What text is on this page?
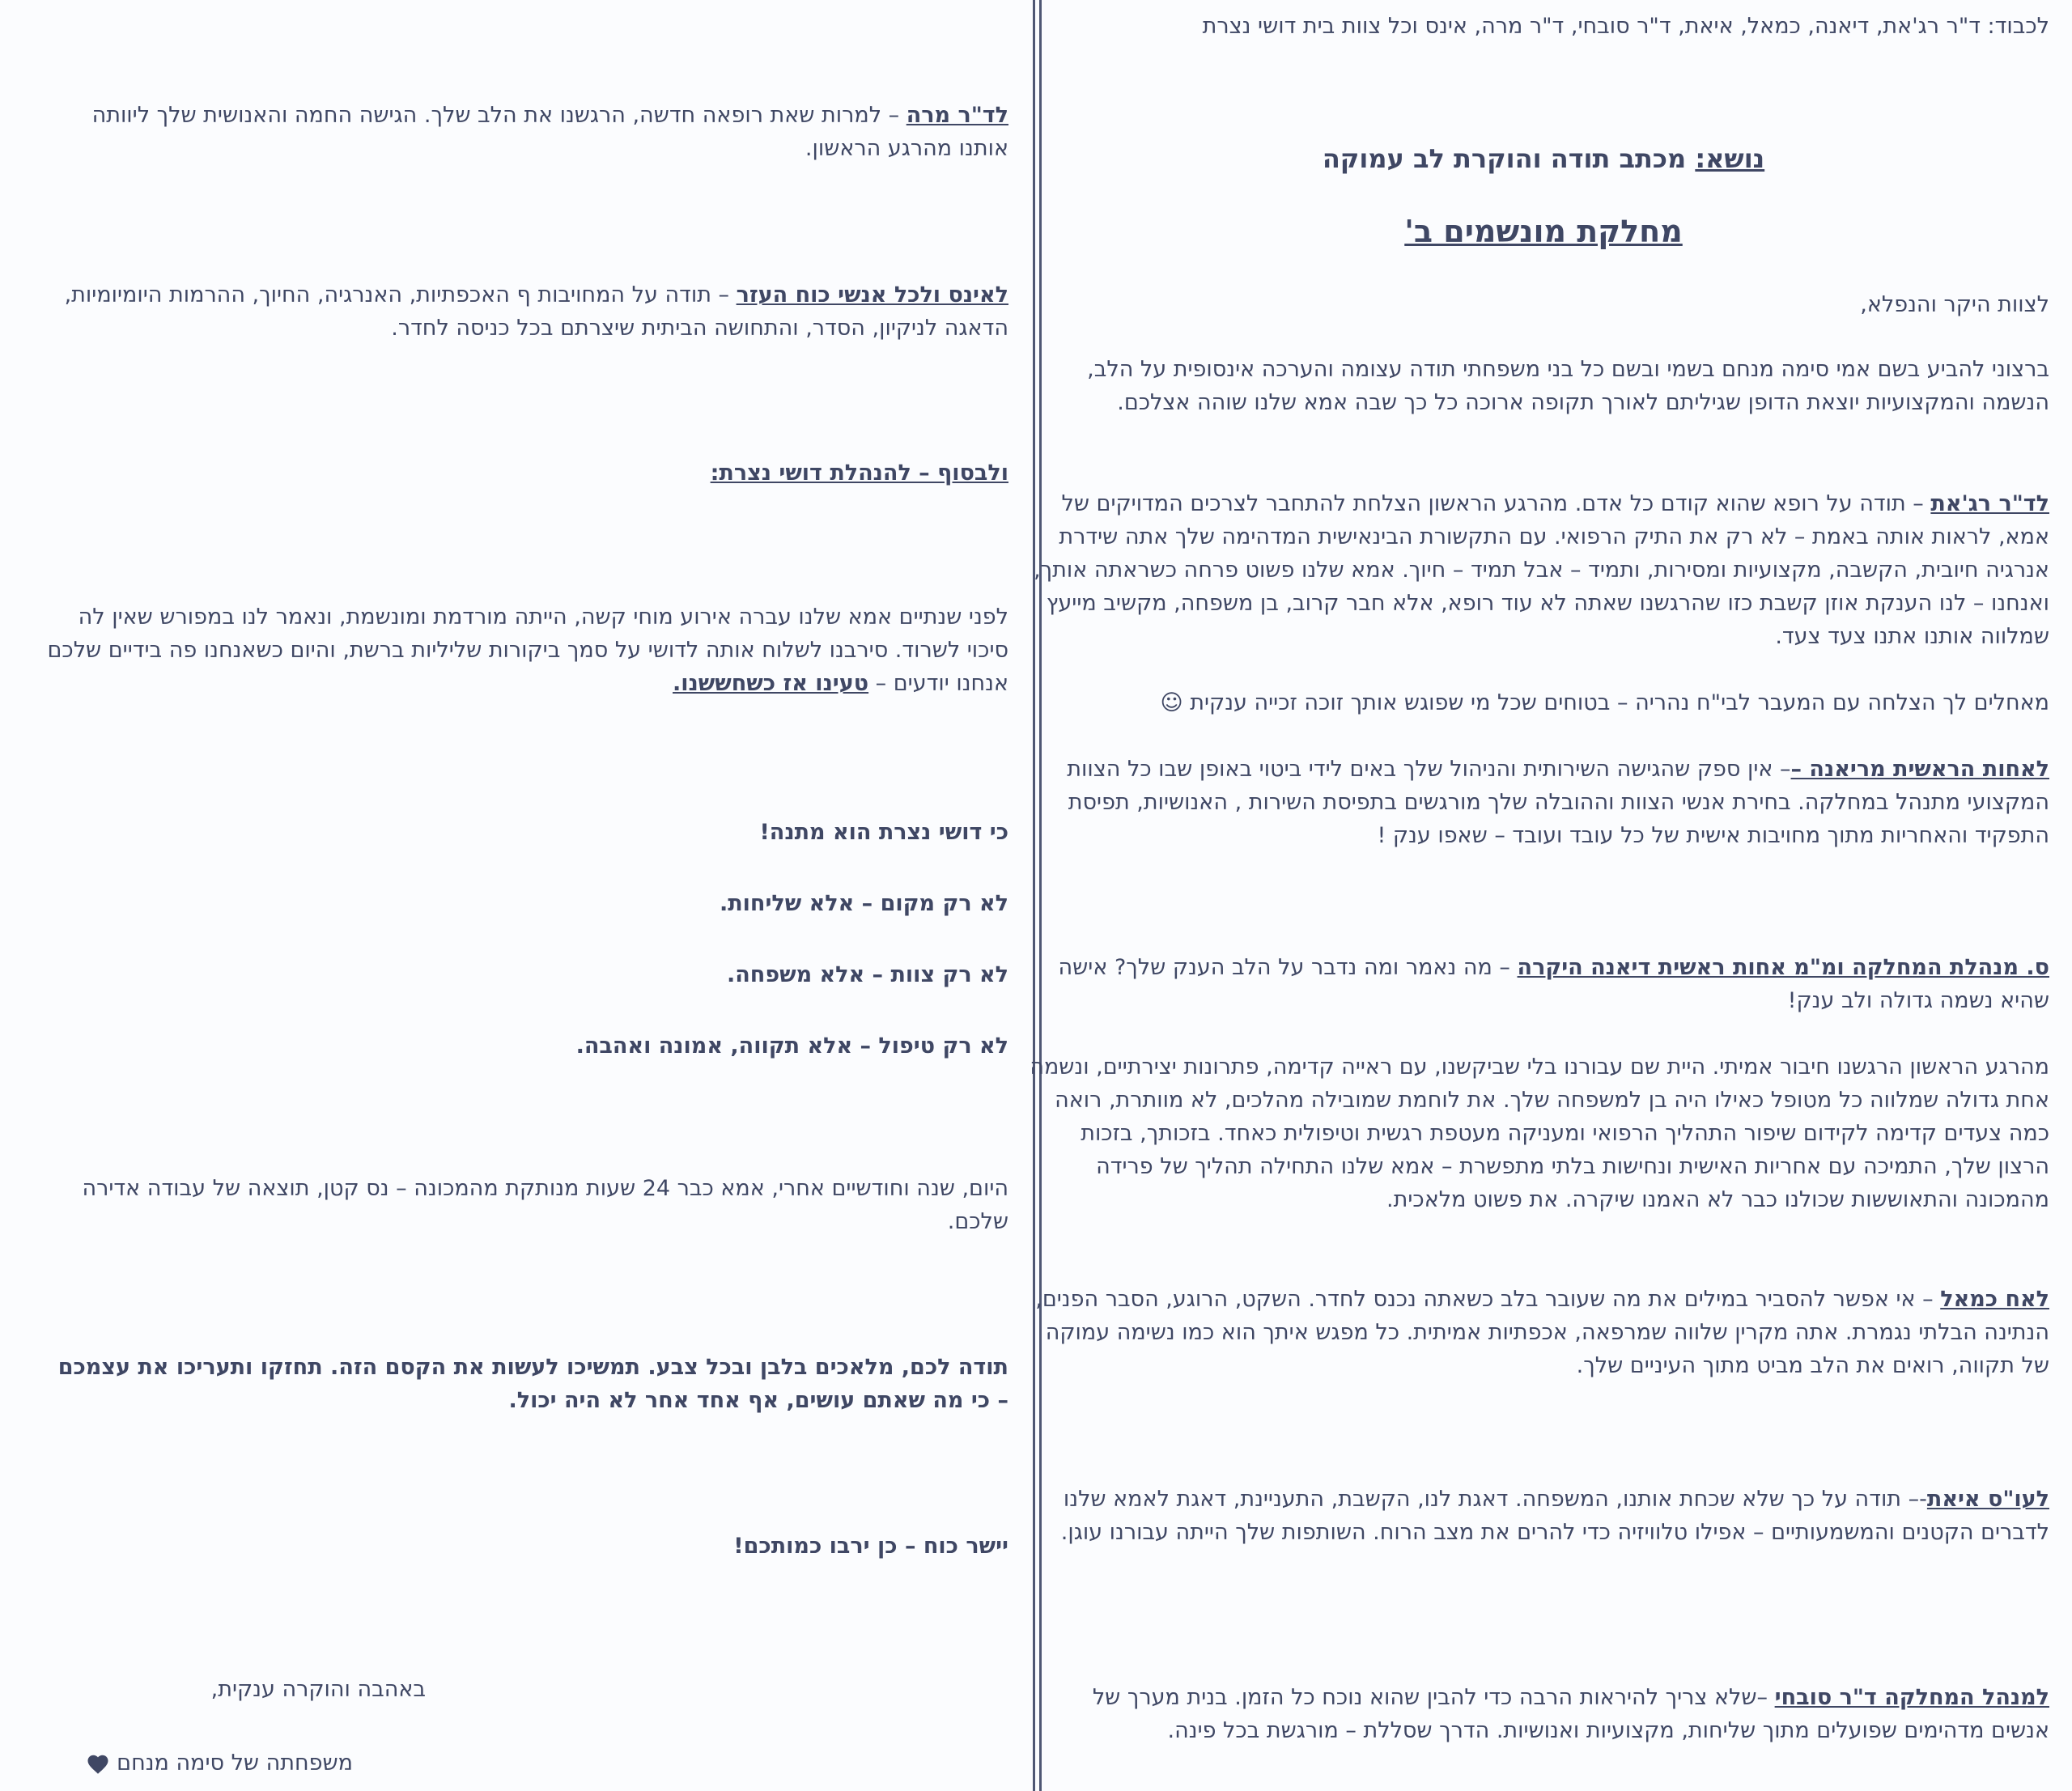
לכבוד: ד"ר רג'את, דיאנה, כמאל, איאת, ד"ר סובחי, ד"ר מרה, אינס וכל צוות בית דושי נצרת

נושא: מכתב תודה והוקרת לב עמוקה

מחלקת מונשמים ב'

לצוות היקר והנפלא,

ברצוני להביע בשם אמי סימה מנחם בשמי ובשם כל בני משפחתי תודה עצומה והערכה אינסופית על הלב, הנשמה והמקצועיות יוצאת הדופן שגיליתם לאורך תקופה ארוכה כל כך שבה אמא שלנו שוהה אצלכם.

לד"ר רג'את – תודה על רופא שהוא קודם כל אדם. מהרגע הראשון הצלחת להתחבר לצרכים המדויקים של אמא, לראות אותה באמת – לא רק את התיק הרפואי. עם התקשורת הבינאישית המדהימה שלך אתה שידרת אנרגיה חיובית, הקשבה, מקצועיות ומסירות, ותמיד – אבל תמיד – חיוך. אמא שלנו פשוט פרחה כשראתה אותך, ואנחנו – לנו הענקת אוזן קשבת כזו שהרגשנו שאתה לא עוד רופא, אלא חבר קרוב, בן משפחה, מקשיב מייעץ שמלווה אותנו אתנו צעד צעד.

מאחלים לך הצלחה עם המעבר לבי"ח נהריה – בטוחים שכל מי שפוגש אותך זוכה זכייה ענקית ☺

לאחות הראשית מריאנה –– אין ספק שהגישה השירותית והניהול שלך באים לידי ביטוי באופן שבו כל הצוות המקצועי מתנהל במחלקה. בחירת אנשי הצוות וההובלה שלך מורגשים בתפיסת השירות , האנושיות, תפיסת התפקיד והאחריות מתוך מחויבות אישית של כל עובד ועובד – שאפו ענק !

ס. מנהלת המחלקה ומ"מ אחות ראשית דיאנה היקרה – מה נאמר ומה נדבר על הלב הענק שלך? אישה שהיא נשמה גדולה ולב ענק!

מהרגע הראשון הרגשנו חיבור אמיתי. היית שם עבורנו בלי שביקשנו, עם ראייה קדימה, פתרונות יצירתיים, ונשמה אחת גדולה שמלווה כל מטופל כאילו היה בן למשפחה שלך. את לוחמת שמובילה מהלכים, לא מוותרת, רואה כמה צעדים קדימה לקידום שיפור התהליך הרפואי ומעניקה מעטפת רגשית וטיפולית כאחד. בזכותך, בזכות הרצון שלך, התמיכה עם אחריות האישית ונחישות בלתי מתפשרת – אמא שלנו התחילה תהליך של פרידה מהמכונה והתאוששות שכולנו כבר לא האמנו שיקרה. את פשוט מלאכית.

לאח כמאל – אי אפשר להסביר במילים את מה שעובר בלב כשאתה נכנס לחדר. השקט, הרוגע, הסבר הפנים, הנתינה הבלתי נגמרת. אתה מקרין שלווה שמרפאה, אכפתיות אמיתית. כל מפגש איתך הוא כמו נשימה עמוקה של תקווה, רואים את הלב מביט מתוך העיניים שלך.

לעו"ס איאת-– תודה על כך שלא שכחת אותנו, המשפחה. דאגת לנו, הקשבת, התעניינת, דאגת לאמא שלנו לדברים הקטנים והמשמעותיים – אפילו טלוויזיה כדי להרים את מצב הרוח. השותפות שלך הייתה עבורנו עוגן.

למנהל המחלקה ד"ר סובחי –שלא צריך להיראות הרבה כדי להבין שהוא נוכח כל הזמן. בנית מערך של אנשים מדהימים שפועלים מתוך שליחות, מקצועיות ואנושיות. הדרך שסללת – מורגשת בכל פינה.

לד"ר מרה – למרות שאת רופאה חדשה, הרגשנו את הלב שלך. הגישה החמה והאנושית שלך ליוותה אותנו מהרגע הראשון.

לאינס ולכל אנשי כוח העזר – תודה על המחויבות ף האכפתיות, האנרגיה, החיוך, ההרמות היומיומיות, הדאגה לניקיון, הסדר, והתחושה הביתית שיצרתם בכל כניסה לחדר.

ולבסוף – להנהלת דושי נצרת:

לפני שנתיים אמא שלנו עברה אירוע מוחי קשה, הייתה מורדמת ומונשמת, ונאמר לנו במפורש שאין לה סיכוי לשרוד. סירבנו לשלוח אותה לדושי על סמך ביקורות שליליות ברשת, והיום כשאנחנו פה בידיים שלכם אנחנו יודעים – טעינו אז כשחששנו.

כי דושי נצרת הוא מתנה!

לא רק מקום – אלא שליחות.

לא רק צוות – אלא משפחה.

לא רק טיפול – אלא תקווה, אמונה ואהבה.

היום, שנה וחודשיים אחרי, אמא כבר 24 שעות מנותקת מהמכונה – נס קטן, תוצאה של עבודה אדירה שלכם.

תודה לכם, מלאכים בלבן ובכל צבע. תמשיכו לעשות את הקסם הזה. תחזקו ותעריכו את עצמכם – כי מה שאתם עושים, אף אחד אחר לא היה יכול.

יישר כוח – כן ירבו כמותכם!

באהבה והוקרה ענקית,

משפחתה של סימה מנחם
